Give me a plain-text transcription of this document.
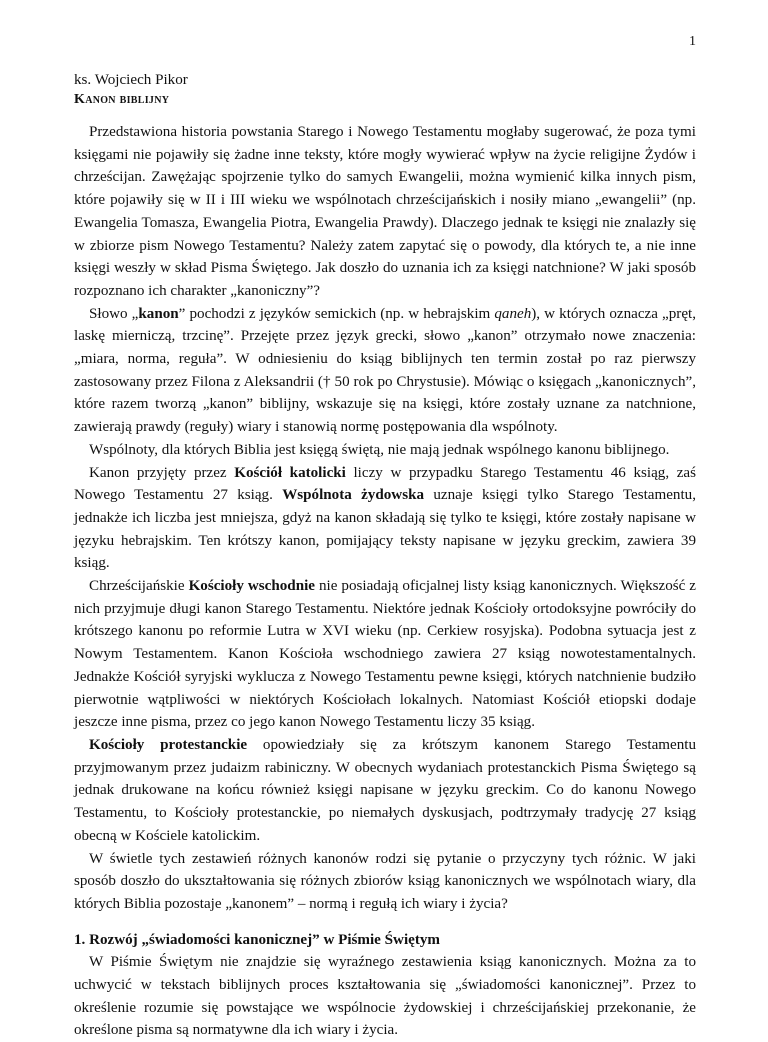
1
ks. Wojciech Pikor
Kanon biblijny

Przedstawiona historia powstania Starego i Nowego Testamentu mogłaby sugerować, że poza tymi księgami nie pojawiły się żadne inne teksty, które mogły wywierać wpływ na życie religijne Żydów i chrześcijan. Zawężając spojrzenie tylko do samych Ewangelii, można wymienić kilka innych pism, które pojawiły się w II i III wieku we wspólnotach chrześcijańskich i nosiły miano „ewangelii” (np. Ewangelia Tomasza, Ewangelia Piotra, Ewangelia Prawdy). Dlaczego jednak te księgi nie znalazły się w zbiorze pism Nowego Testamentu? Należy zatem zapytać się o powody, dla których te, a nie inne księgi weszły w skład Pisma Świętego. Jak doszło do uznania ich za księgi natchnione? W jaki sposób rozpoznano ich charakter „kanoniczny”?

Słowo „kanon” pochodzi z języków semickich (np. w hebrajskim qaneh), w których oznacza „pręt, laskę mierniczą, trzcinę”. Przejęte przez język grecki, słowo „kanon” otrzymało nowe znaczenia: „miara, norma, reguła”. W odniesieniu do ksiąg biblijnych ten termin został po raz pierwszy zastosowany przez Filona z Aleksandrii († 50 rok po Chrystusie). Mówiąc o księgach „kanonicznych”, które razem tworzą „kanon” biblijny, wskazuje się na księgi, które zostały uznane za natchnione, zawierają prawdy (reguły) wiary i stanowią normę postępowania dla wspólnoty.

Wspólnoty, dla których Biblia jest księgą świętą, nie mają jednak wspólnego kanonu biblijnego.

Kanon przyjęty przez Kościół katolicki liczy w przypadku Starego Testamentu 46 ksiąg, zaś Nowego Testamentu 27 ksiąg. Wspólnota żydowska uznaje księgi tylko Starego Testamentu, jednakże ich liczba jest mniejsza, gdyż na kanon składają się tylko te księgi, które zostały napisane w języku hebrajskim. Ten krótszy kanon, pomijający teksty napisane w języku greckim, zawiera 39 ksiąg.

Chrześcijańskie Kościoły wschodnie nie posiadają oficjalnej listy ksiąg kanonicznych. Większość z nich przyjmuje długi kanon Starego Testamentu. Niektóre jednak Kościoły ortodoksyjne powróciły do krótszego kanonu po reformie Lutra w XVI wieku (np. Cerkiew rosyjska). Podobna sytuacja jest z Nowym Testamentem. Kanon Kościoła wschodniego zawiera 27 ksiąg nowotestamentalnych. Jednakże Kościół syryjski wyklucza z Nowego Testamentu pewne księgi, których natchnienie budziło pierwotnie wątpliwości w niektórych Kościołach lokalnych. Natomiast Kościół etiopski dodaje jeszcze inne pisma, przez co jego kanon Nowego Testamentu liczy 35 ksiąg.

Kościoły protestanckie opowiedziały się za krótszym kanonem Starego Testamentu przyjmowanym przez judaizm rabiniczny. W obecnych wydaniach protestanckich Pisma Świętego są jednak drukowane na końcu również księgi napisane w języku greckim. Co do kanonu Nowego Testamentu, to Kościoły protestanckie, po niemałych dyskusjach, podtrzymały tradycję 27 ksiąg obecną w Kościele katolickim.

W świetle tych zestawień różnych kanonów rodzi się pytanie o przyczyny tych różnic. W jaki sposób doszło do ukształtowania się różnych zbiorów ksiąg kanonicznych we wspólnotach wiary, dla których Biblia pozostaje „kanonem” – normą i regułą ich wiary i życia?

1. Rozwój „świadomości kanonicznej” w Piśmie Świętym

W Piśmie Świętym nie znajdzie się wyraźnego zestawienia ksiąg kanonicznych. Można za to uchwycić w tekstach biblijnych proces kształtowania się „świadomości kanonicznej”. Przez to określenie rozumie się powstające we wspólnocie żydowskiej i chrześcijańskiej przekonanie, że określone pisma są normatywne dla ich wiary i życia.
